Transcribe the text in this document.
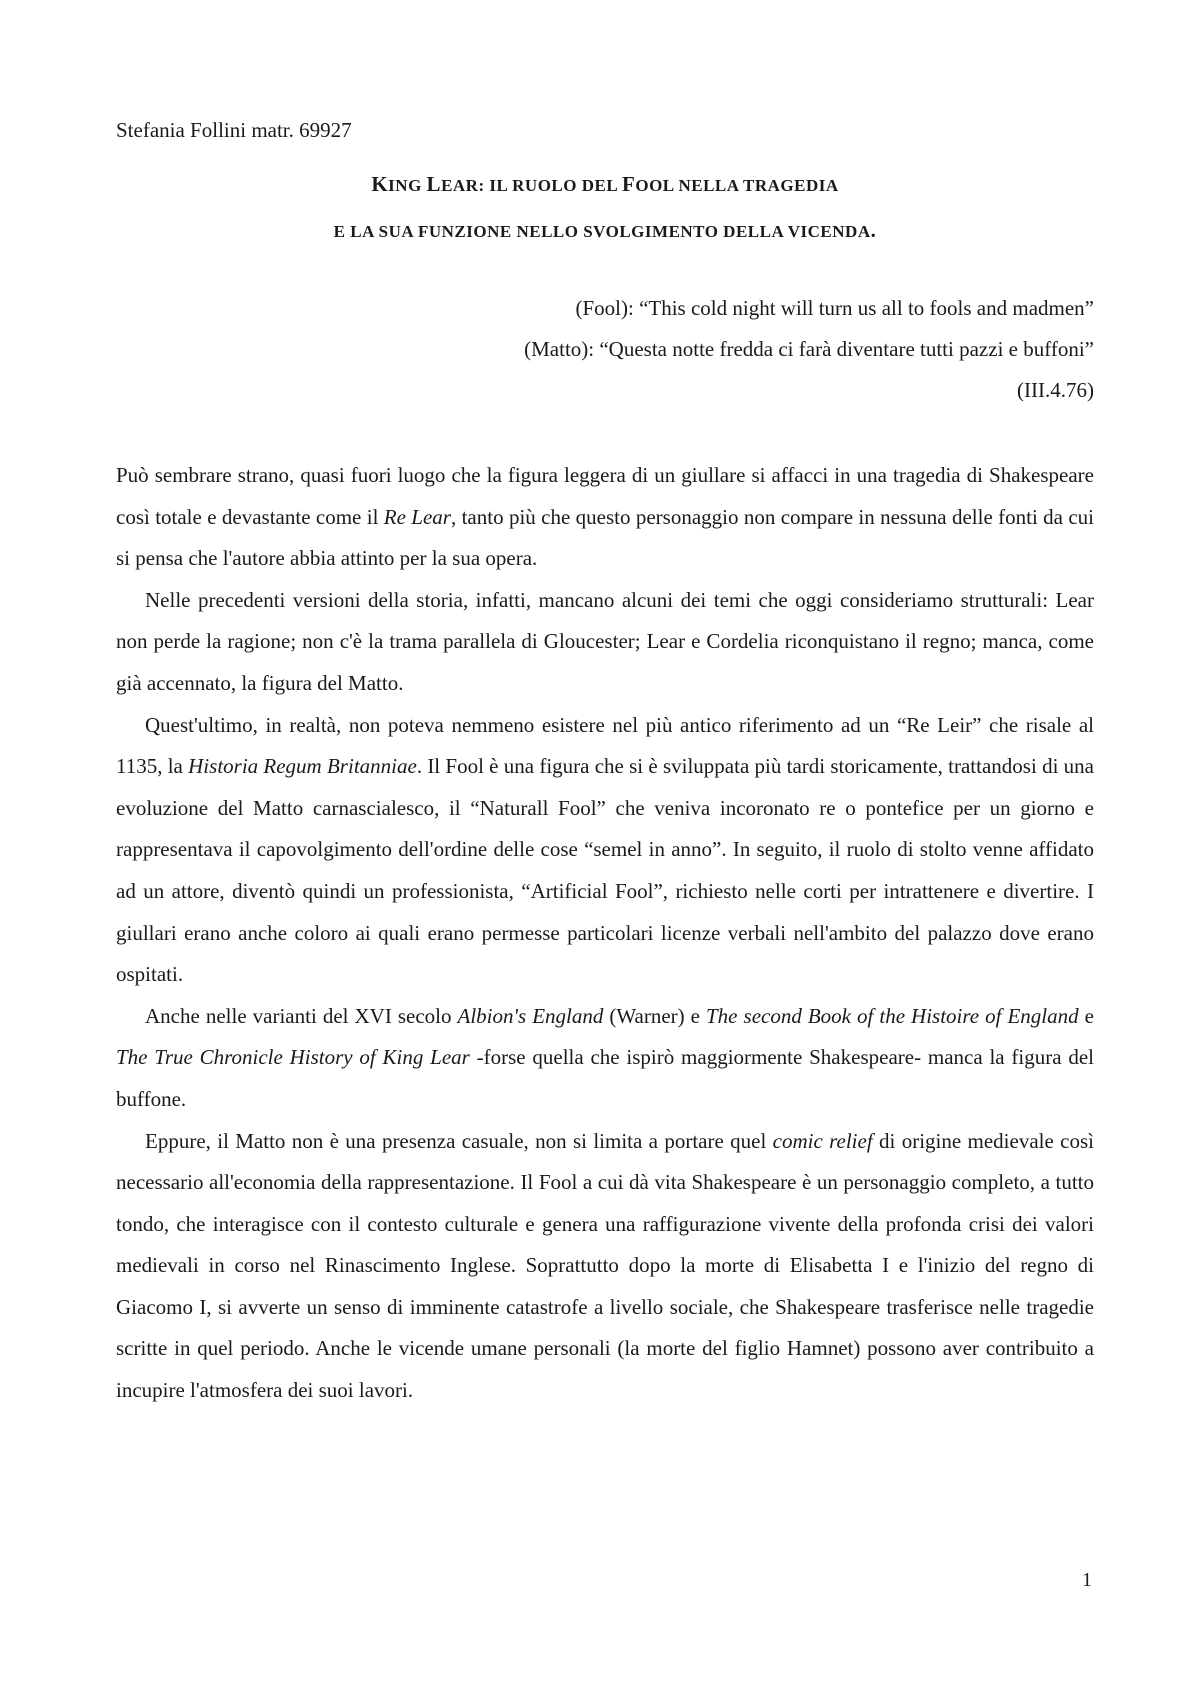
Stefania Follini matr. 69927
KING LEAR: IL RUOLO DEL FOOL NELLA TRAGEDIA
E LA SUA FUNZIONE NELLO SVOLGIMENTO DELLA VICENDA.
(Fool): “This cold night will turn us all to fools and madmen”
(Matto): “Questa notte fredda ci farà diventare tutti pazzi e buffoni”
(III.4.76)

Può sembrare strano, quasi fuori luogo che la figura leggera di un giullare si affacci in una tragedia di Shakespeare così totale e devastante come il Re Lear, tanto più che questo personaggio non compare in nessuna delle fonti da cui si pensa che l'autore abbia attinto per la sua opera.

Nelle precedenti versioni della storia, infatti, mancano alcuni dei temi che oggi consideriamo strutturali: Lear non perde la ragione; non c'è la trama parallela di Gloucester; Lear e Cordelia riconquistano il regno; manca, come già accennato, la figura del Matto.

Quest'ultimo, in realtà, non poteva nemmeno esistere nel più antico riferimento ad un “Re Leir” che risale al 1135, la Historia Regum Britanniae. Il Fool è una figura che si è sviluppata più tardi storicamente, trattandosi di una evoluzione del Matto carnascialesco, il “Naturall Fool” che veniva incoronato re o pontefice per un giorno e rappresentava il capovolgimento dell'ordine delle cose “semel in anno”. In seguito, il ruolo di stolto venne affidato ad un attore, diventò quindi un professionista, “Artificial Fool”, richiesto nelle corti per intrattenere e divertire. I giullari erano anche coloro ai quali erano permesse particolari licenze verbali nell'ambito del palazzo dove erano ospitati.

Anche nelle varianti del XVI secolo Albion's England (Warner) e The second Book of the Histoire of England e The True Chronicle History of King Lear -forse quella che ispirò maggiormente Shakespeare- manca la figura del buffone.

Eppure, il Matto non è una presenza casuale, non si limita a portare quel comic relief di origine medievale così necessario all'economia della rappresentazione. Il Fool a cui dà vita Shakespeare è un personaggio completo, a tutto tondo, che interagisce con il contesto culturale e genera una raffigurazione vivente della profonda crisi dei valori medievali in corso nel Rinascimento Inglese. Soprattutto dopo la morte di Elisabetta I e l'inizio del regno di Giacomo I, si avverte un senso di imminente catastrofe a livello sociale, che Shakespeare trasferisce nelle tragedie scritte in quel periodo. Anche le vicende umane personali (la morte del figlio Hamnet) possono aver contribuito a incupire l'atmosfera dei suoi lavori.

1
